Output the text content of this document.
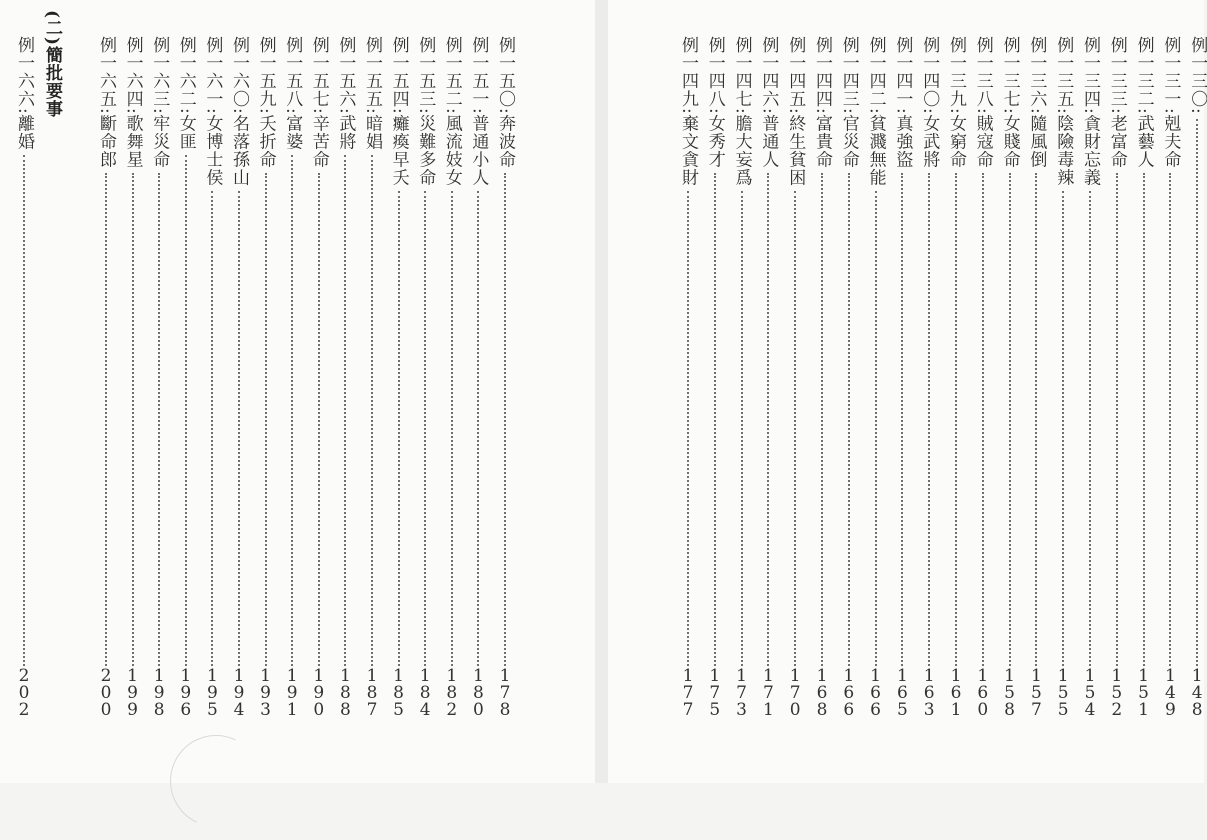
(二)簡批要事
例一六六:離婚
2
0
2
例一六五:斷命郎
2
0
0
例一六四:歌舞星
1
9
9
例一六三:牢災命
1
9
8
例一六二:女匪
1
9
6
例一六一:女博士侯
1
9
5
例一六〇:名落孫山
1
9
4
例一五九:夭折命
1
9
3
例一五八:富婆
1
9
1
例一五七:辛苦命
1
9
0
例一五六:武將
1
8
8
例一五五:暗娼
1
8
7
例一五四:癱瘓早夭
1
8
5
例一五三:災難多命
1
8
4
例一五二:風流妓女
1
8
2
例一五一:普通小人
1
8
0
例一五〇:奔波命
1
7
8
例一四九:棄文貪財
1
7
7
例一四八:女秀才
1
7
5
例一四七:膽大妄爲
1
7
3
例一四六:普通人
1
7
1
例一四五:終生貧困
1
7
0
例一四四:富貴命
1
6
8
例一四三:官災命
1
6
6
例一四二:貧濺無能
1
6
6
例一四一:真強盜
1
6
5
例一四〇:女武將
1
6
3
例一三九:女窮命
1
6
1
例一三八:賊寇命
1
6
0
例一三七:女賤命
1
5
8
例一三六:隨風倒
1
5
7
例一三五:陰險毒辣
1
5
5
例一三四:貪財忘義
1
5
4
例一三三:老富命
1
5
2
例一三二:武藝人
1
5
1
例一三一:剋夫命
1
4
9
例一三〇:
1
4
8
